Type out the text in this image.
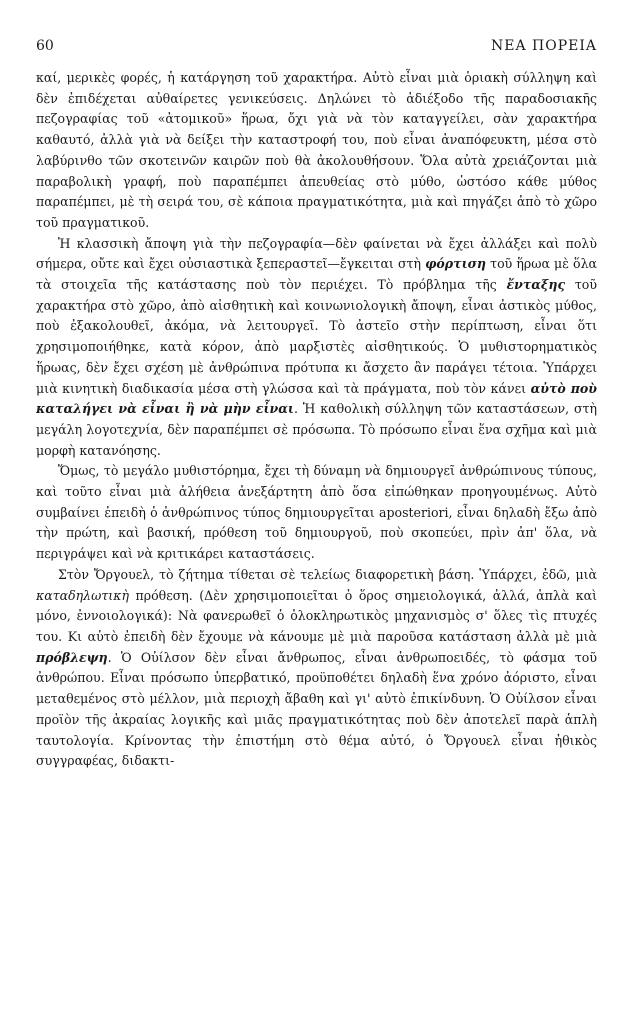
60	ΝΕΑ ΠΟΡΕΙΑ

καί, μερικὲς φορές, ἡ κατάργηση τοῦ χαρακτήρα. Αὐτὸ εἶναι μιὰ ὁριακὴ σύλληψη καὶ δὲν ἐπιδέχεται αὐθαίρετες γενικεύσεις. Δηλώνει τὸ ἀδιέξοδο τῆς παραδοσιακῆς πεζογραφίας τοῦ «ἀτομικοῦ» ἥρωα, ὄχι γιὰ νὰ τὸν καταγγείλει, σὰν χαρακτήρα καθαυτό, ἀλλὰ γιὰ νὰ δείξει τὴν καταστροφή του, ποὺ εἶναι ἀναπόφευκτη, μέσα στὸ λαβύρινθο τῶν σκοτεινῶν καιρῶν ποὺ θὰ ἀκολουθήσουν. Ὅλα αὐτὰ χρειάζονται μιὰ παραβολικὴ γραφή, ποὺ παραπέμπει ἀπευθείας στὸ μύθο, ὡστόσο κάθε μύθος παραπέμπει, μὲ τὴ σειρά του, σὲ κάποια πραγματικότητα, μιὰ καὶ πηγάζει ἀπὸ τὸ χῶρο τοῦ πραγματικοῦ.

Ἡ κλασσικὴ ἄποψη γιὰ τὴν πεζογραφία—δὲν φαίνεται νὰ ἔχει ἀλλάξει καὶ πολὺ σήμερα, οὔτε καὶ ἔχει οὐσιαστικὰ ξεπεραστεῖ—ἔγκειται στὴ φόρτιση τοῦ ἥρωα μὲ ὅλα τὰ στοιχεῖα τῆς κατάστασης ποὺ τὸν περιέχει. Τὸ πρόβλημα τῆς ἔνταξης τοῦ χαρακτήρα στὸ χῶρο, ἀπὸ αἰσθητικὴ καὶ κοινωνιολογικὴ ἄποψη, εἶναι ἀστικὸς μύθος, ποὺ ἐξακολουθεῖ, ἀκόμα, νὰ λειτουργεῖ. Τὸ ἀστεῖο στὴν περίπτωση, εἶναι ὅτι χρησιμοποιήθηκε, κατὰ κόρον, ἀπὸ μαρξιστὲς αἰσθητικούς. Ὁ μυθιστορηματικὸς ἥρωας, δὲν ἔχει σχέση μὲ ἀνθρώπινα πρότυπα κι ἄσχετο ἂν παράγει τέτοια. Ὑπάρχει μιὰ κινητικὴ διαδικασία μέσα στὴ γλώσσα καὶ τὰ πράγματα, ποὺ τὸν κάνει αὐτὸ ποὺ καταλήγει νὰ εἶναι ἢ νὰ μὴν εἶναι. Ἡ καθολικὴ σύλληψη τῶν καταστάσεων, στὴ μεγάλη λογοτεχνία, δὲν παραπέμπει σὲ πρόσωπα. Τὸ πρόσωπο εἶναι ἕνα σχῆμα καὶ μιὰ μορφὴ κατανόησης.

Ὅμως, τὸ μεγάλο μυθιστόρημα, ἔχει τὴ δύναμη νὰ δημιουργεῖ ἀνθρώπινους τύπους, καὶ τοῦτο εἶναι μιὰ ἀλήθεια ἀνεξάρτητη ἀπὸ ὅσα εἰπώθηκαν προηγουμένως. Αὐτὸ συμβαίνει ἐπειδὴ ὁ ἀνθρώπινος τύπος δημιουργεῖται aposteriori, εἶναι δηλαδὴ ἔξω ἀπὸ τὴν πρώτη, καὶ βασική, πρόθεση τοῦ δημιουργοῦ, ποὺ σκοπεύει, πρὶν ἀπ' ὅλα, νὰ περιγράψει καὶ νὰ κριτικάρει καταστάσεις.

Στὸν Ὄργουελ, τὸ ζήτημα τίθεται σὲ τελείως διαφορετικὴ βάση. Ὑπάρχει, ἐδῶ, μιὰ καταδηλωτικὴ πρόθεση. (Δὲν χρησιμοποιεῖται ὁ ὅρος σημειολογικά, ἀλλά, ἁπλὰ καὶ μόνο, ἐννοιολογικά): Νὰ φανερωθεῖ ὁ ὁλοκληρωτικὸς μηχανισμὸς σ' ὅλες τὶς πτυχές του. Κι αὐτὸ ἐπειδὴ δὲν ἔχουμε νὰ κάνουμε μὲ μιὰ παροῦσα κατάσταση ἀλλὰ μὲ μιὰ πρόβλεψη. Ὁ Οὐίλσον δὲν εἶναι ἄνθρωπος, εἶναι ἀνθρωποειδές, τὸ φάσμα τοῦ ἀνθρώπου. Εἶναι πρόσωπο ὑπερβατικό, προϋποθέτει δηλαδὴ ἕνα χρόνο ἀόριστο, εἶναι μεταθεμένος στὸ μέλλον, μιὰ περιοχὴ ἄβαθη καὶ γι' αὐτὸ ἐπικίνδυνη. Ὁ Οὐίλσον εἶναι προϊὸν τῆς ἀκραίας λογικῆς καὶ μιᾶς πραγματικότητας ποὺ δὲν ἀποτελεῖ παρὰ ἁπλὴ ταυτολογία. Κρίνοντας τὴν ἐπιστήμη στὸ θέμα αὐτό, ὁ Ὄργουελ εἶναι ἠθικὸς συγγραφέας, διδακτι-
